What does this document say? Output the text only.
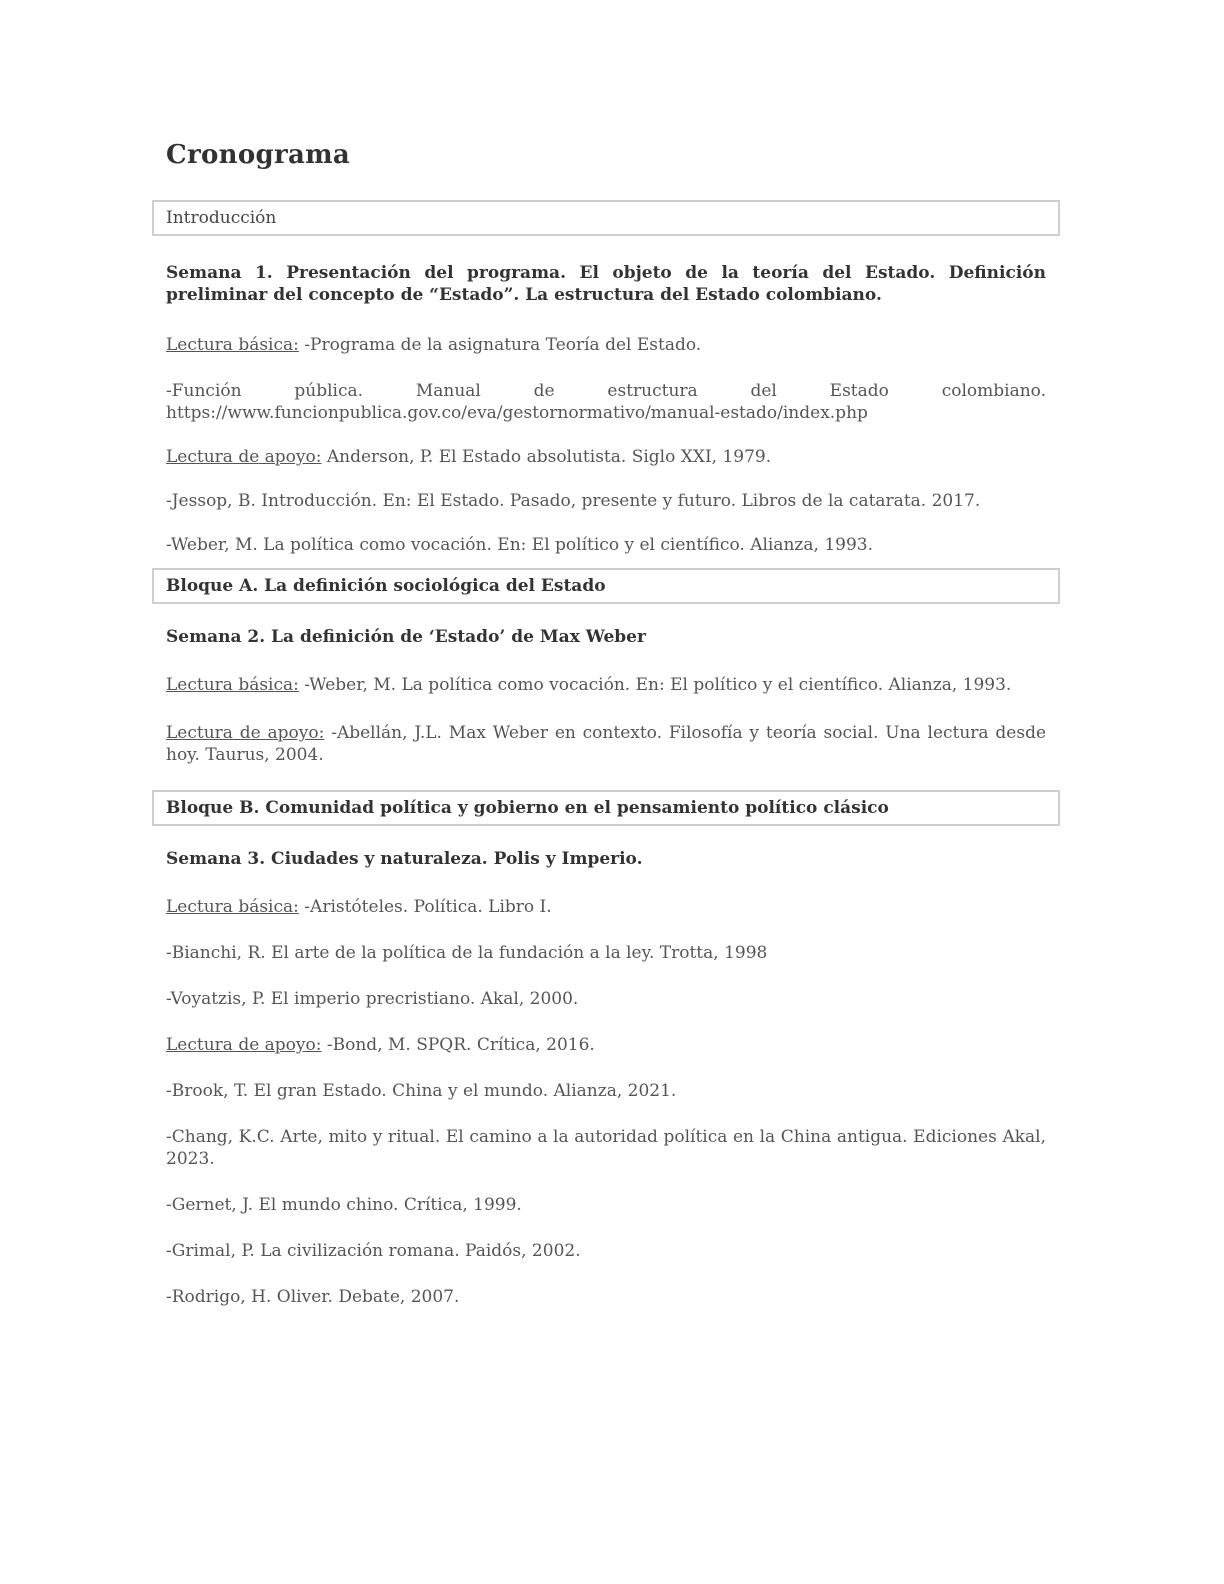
Cronograma
Introducción

Semana 1. Presentación del programa. El objeto de la teoría del Estado. Definición preliminar del concepto de “Estado”. La estructura del Estado colombiano.

Lectura básica: -Programa de la asignatura Teoría del Estado.

-Función pública. Manual de estructura del Estado colombiano. https://www.funcionpublica.gov.co/eva/gestornormativo/manual-estado/index.php

Lectura de apoyo: Anderson, P. El Estado absolutista. Siglo XXI, 1979.

-Jessop, B. Introducción. En: El Estado. Pasado, presente y futuro. Libros de la catarata. 2017.

-Weber, M. La política como vocación. En: El político y el científico. Alianza, 1993.

Bloque A. La definición sociológica del Estado

Semana 2. La definición de ‘Estado’ de Max Weber

Lectura básica: -Weber, M. La política como vocación. En: El político y el científico. Alianza, 1993.

Lectura de apoyo: -Abellán, J.L. Max Weber en contexto. Filosofía y teoría social. Una lectura desde hoy. Taurus, 2004.

Bloque B. Comunidad política y gobierno en el pensamiento político clásico

Semana 3. Ciudades y naturaleza. Polis y Imperio.

Lectura básica: -Aristóteles. Política. Libro I.

-Bianchi, R. El arte de la política de la fundación a la ley. Trotta, 1998

-Voyatzis, P. El imperio precristiano. Akal, 2000.

Lectura de apoyo: -Bond, M. SPQR. Crítica, 2016.

-Brook, T. El gran Estado. China y el mundo. Alianza, 2021.

-Chang, K.C. Arte, mito y ritual. El camino a la autoridad política en la China antigua. Ediciones Akal, 2023.

-Gernet, J. El mundo chino. Crítica, 1999.

-Grimal, P. La civilización romana. Paidós, 2002.

-Rodrigo, H. Oliver. Debate, 2007.
